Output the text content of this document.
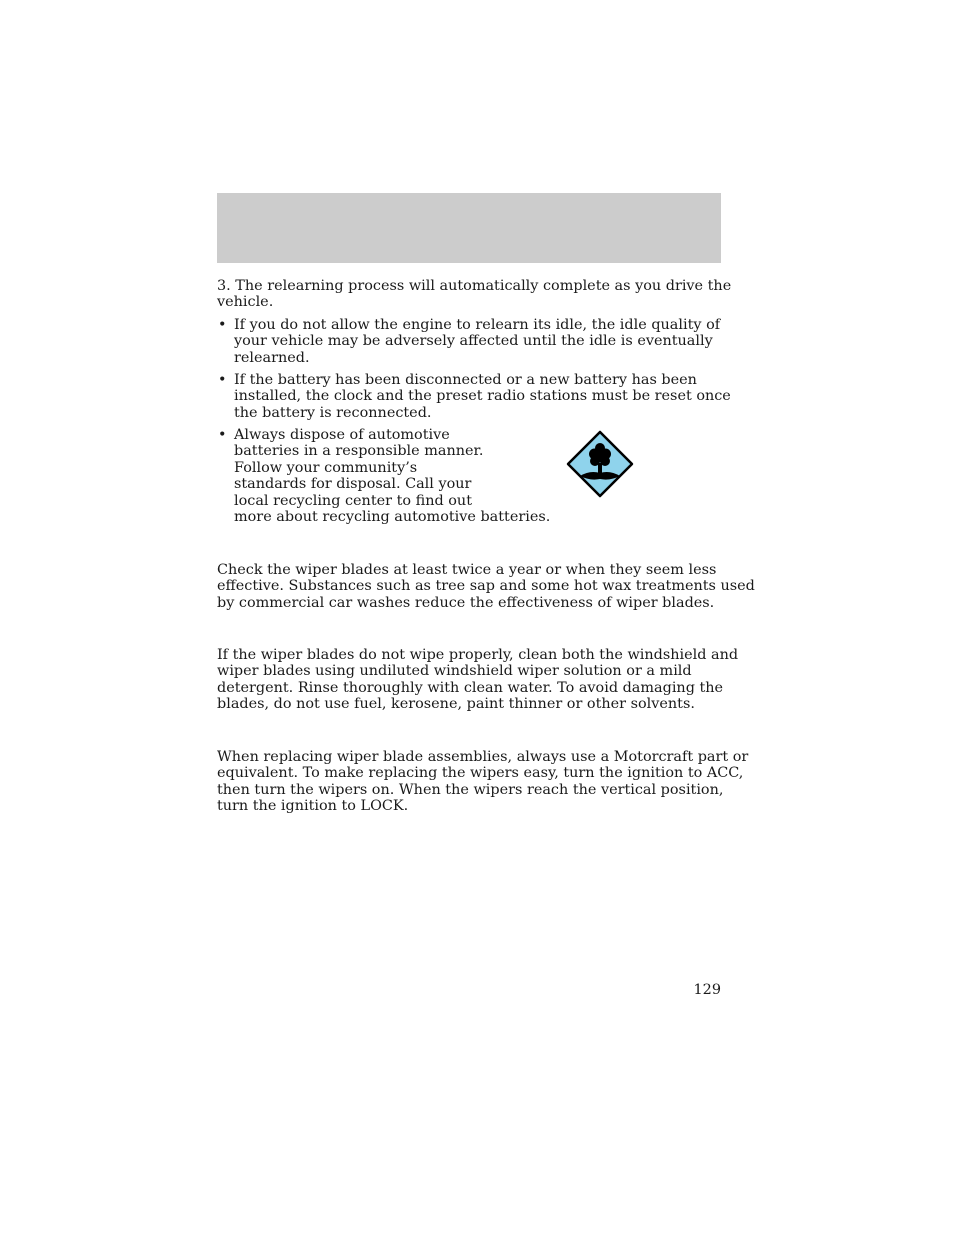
3. The relearning process will automatically complete as you drive the
vehicle.
• If you do not allow the engine to relearn its idle, the idle quality of
your vehicle may be adversely affected until the idle is eventually
relearned.
• If the battery has been disconnected or a new battery has been
installed, the clock and the preset radio stations must be reset once
the battery is reconnected.
• Always dispose of automotive
batteries in a responsible manner.
Follow your community’s
standards for disposal. Call your
local recycling center to find out
more about recycling automotive batteries.
Check the wiper blades at least twice a year or when they seem less
effective. Substances such as tree sap and some hot wax treatments used
by commercial car washes reduce the effectiveness of wiper blades.
If the wiper blades do not wipe properly, clean both the windshield and
wiper blades using undiluted windshield wiper solution or a mild
detergent. Rinse thoroughly with clean water. To avoid damaging the
blades, do not use fuel, kerosene, paint thinner or other solvents.
When replacing wiper blade assemblies, always use a Motorcraft part or
equivalent. To make replacing the wipers easy, turn the ignition to ACC,
then turn the wipers on. When the wipers reach the vertical position,
turn the ignition to LOCK.
129
